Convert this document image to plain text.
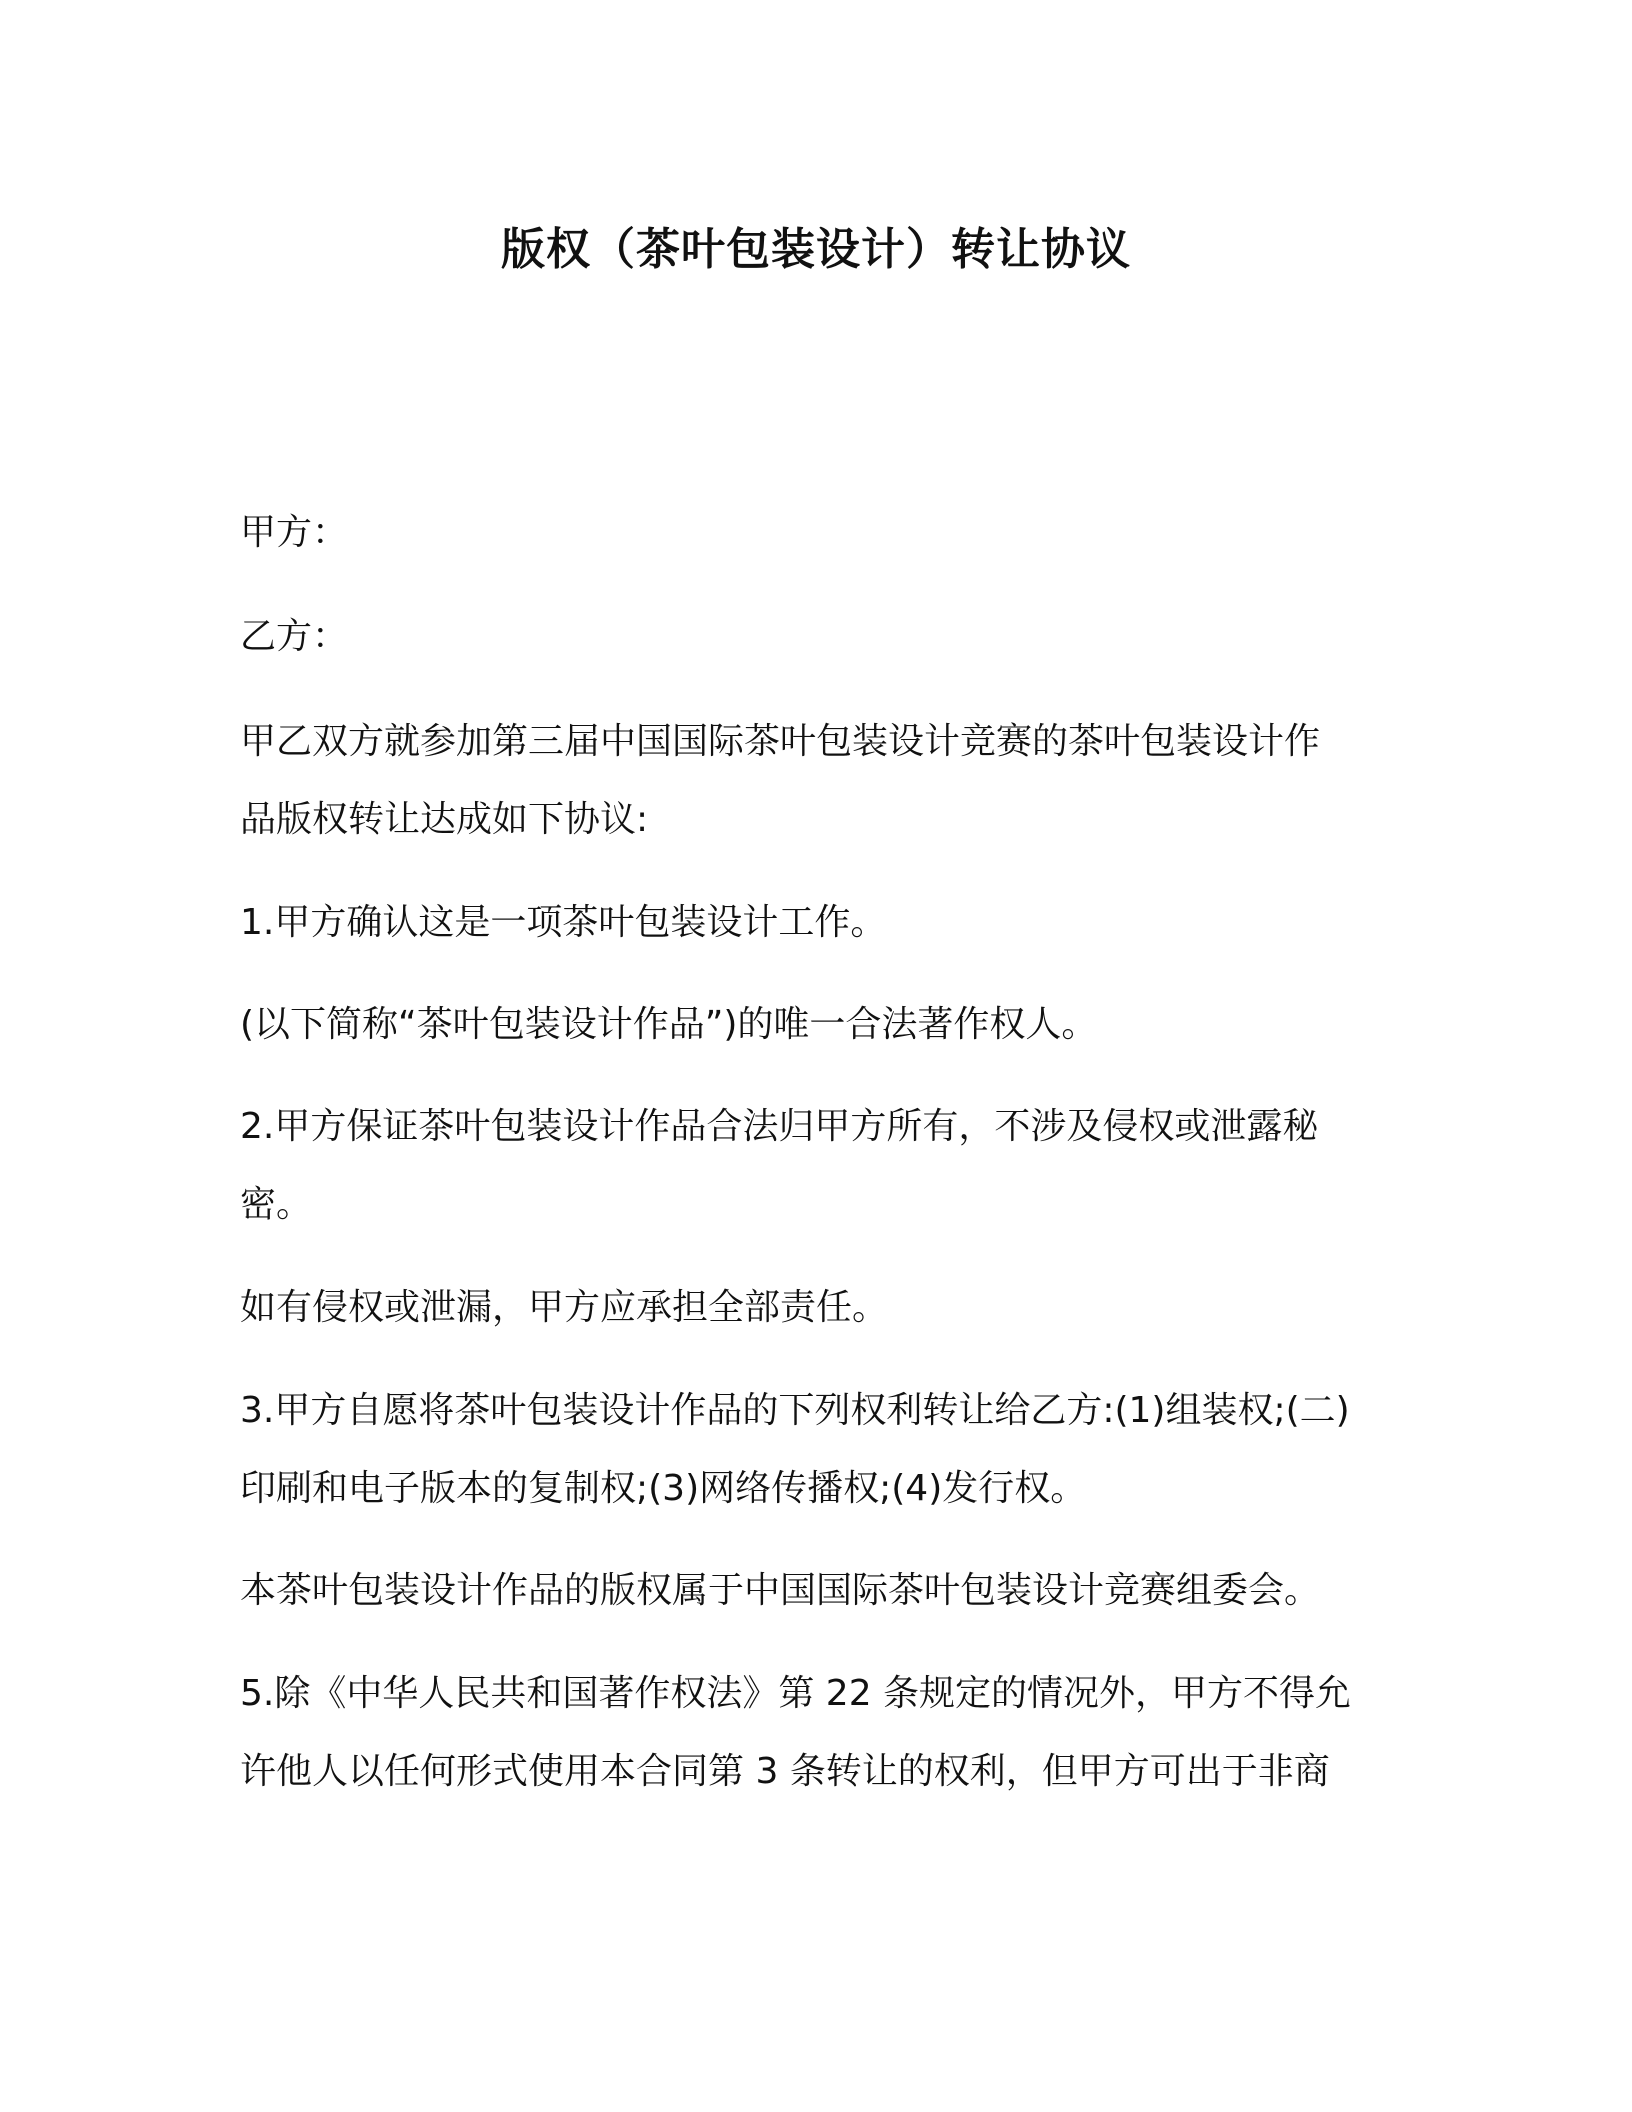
版权（茶叶包装设计）转让协议

甲方：

乙方：

甲乙双方就参加第三届中国国际茶叶包装设计竞赛的茶叶包装设计作
品版权转让达成如下协议:

1.甲方确认这是一项茶叶包装设计工作。

(以下简称“茶叶包装设计作品”)的唯一合法著作权人。

2.甲方保证茶叶包装设计作品合法归甲方所有，不涉及侵权或泄露秘
密。

如有侵权或泄漏，甲方应承担全部责任。

3.甲方自愿将茶叶包装设计作品的下列权利转让给乙方:(1)组装权;(二)
印刷和电子版本的复制权;(3)网络传播权;(4)发行权。

本茶叶包装设计作品的版权属于中国国际茶叶包装设计竞赛组委会。

5.除《中华人民共和国著作权法》第 22 条规定的情况外，甲方不得允
许他人以任何形式使用本合同第 3 条转让的权利，但甲方可出于非商
